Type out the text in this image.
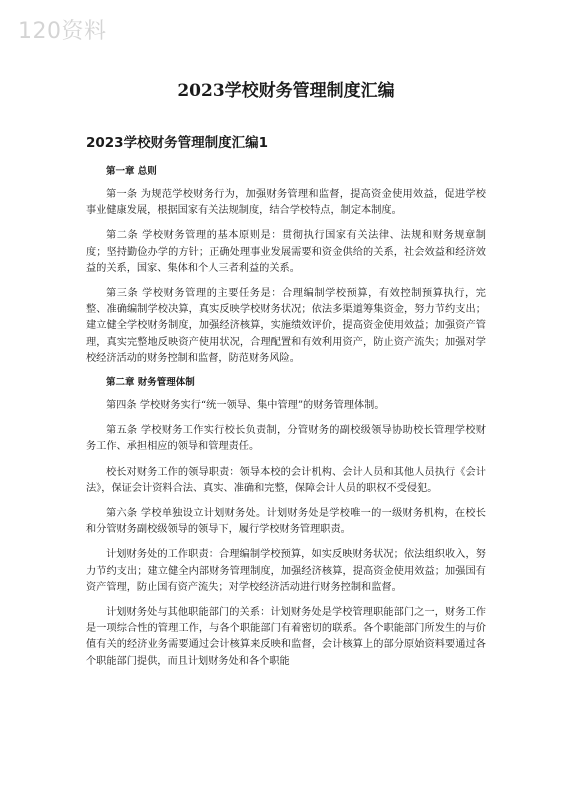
120资料
2023学校财务管理制度汇编
2023学校财务管理制度汇编1
第一章 总则

第一条 为规范学校财务行为，加强财务管理和监督，提高资金使用效益，促进学校事业健康发展，根据国家有关法规制度，结合学校特点，制定本制度。

第二条 学校财务管理的基本原则是：贯彻执行国家有关法律、法规和财务规章制度；坚持勤俭办学的方针；正确处理事业发展需要和资金供给的关系，社会效益和经济效益的关系，国家、集体和个人三者利益的关系。

第三条 学校财务管理的主要任务是：合理编制学校预算，有效控制预算执行，完整、准确编制学校决算，真实反映学校财务状况；依法多渠道筹集资金，努力节约支出；建立健全学校财务制度，加强经济核算，实施绩效评价，提高资金使用效益；加强资产管理，真实完整地反映资产使用状况，合理配置和有效利用资产，防止资产流失；加强对学校经济活动的财务控制和监督，防范财务风险。

第二章 财务管理体制

第四条 学校财务实行“统一领导、集中管理”的财务管理体制。

第五条 学校财务工作实行校长负责制，分管财务的副校级领导协助校长管理学校财务工作、承担相应的领导和管理责任。

校长对财务工作的领导职责：领导本校的会计机构、会计人员和其他人员执行《会计法》，保证会计资料合法、真实、准确和完整，保障会计人员的职权不受侵犯。

第六条 学校单独设立计划财务处。计划财务处是学校唯一的一级财务机构，在校长和分管财务副校级领导的领导下，履行学校财务管理职责。

计划财务处的工作职责：合理编制学校预算，如实反映财务状况；依法组织收入，努力节约支出；建立健全内部财务管理制度，加强经济核算，提高资金使用效益；加强国有资产管理，防止国有资产流失；对学校经济活动进行财务控制和监督。

计划财务处与其他职能部门的关系：计划财务处是学校管理职能部门之一，财务工作是一项综合性的管理工作，与各个职能部门有着密切的联系。各个职能部门所发生的与价值有关的经济业务需要通过会计核算来反映和监督，会计核算上的部分原始资料要通过各个职能部门提供，而且计划财务处和各个职能
